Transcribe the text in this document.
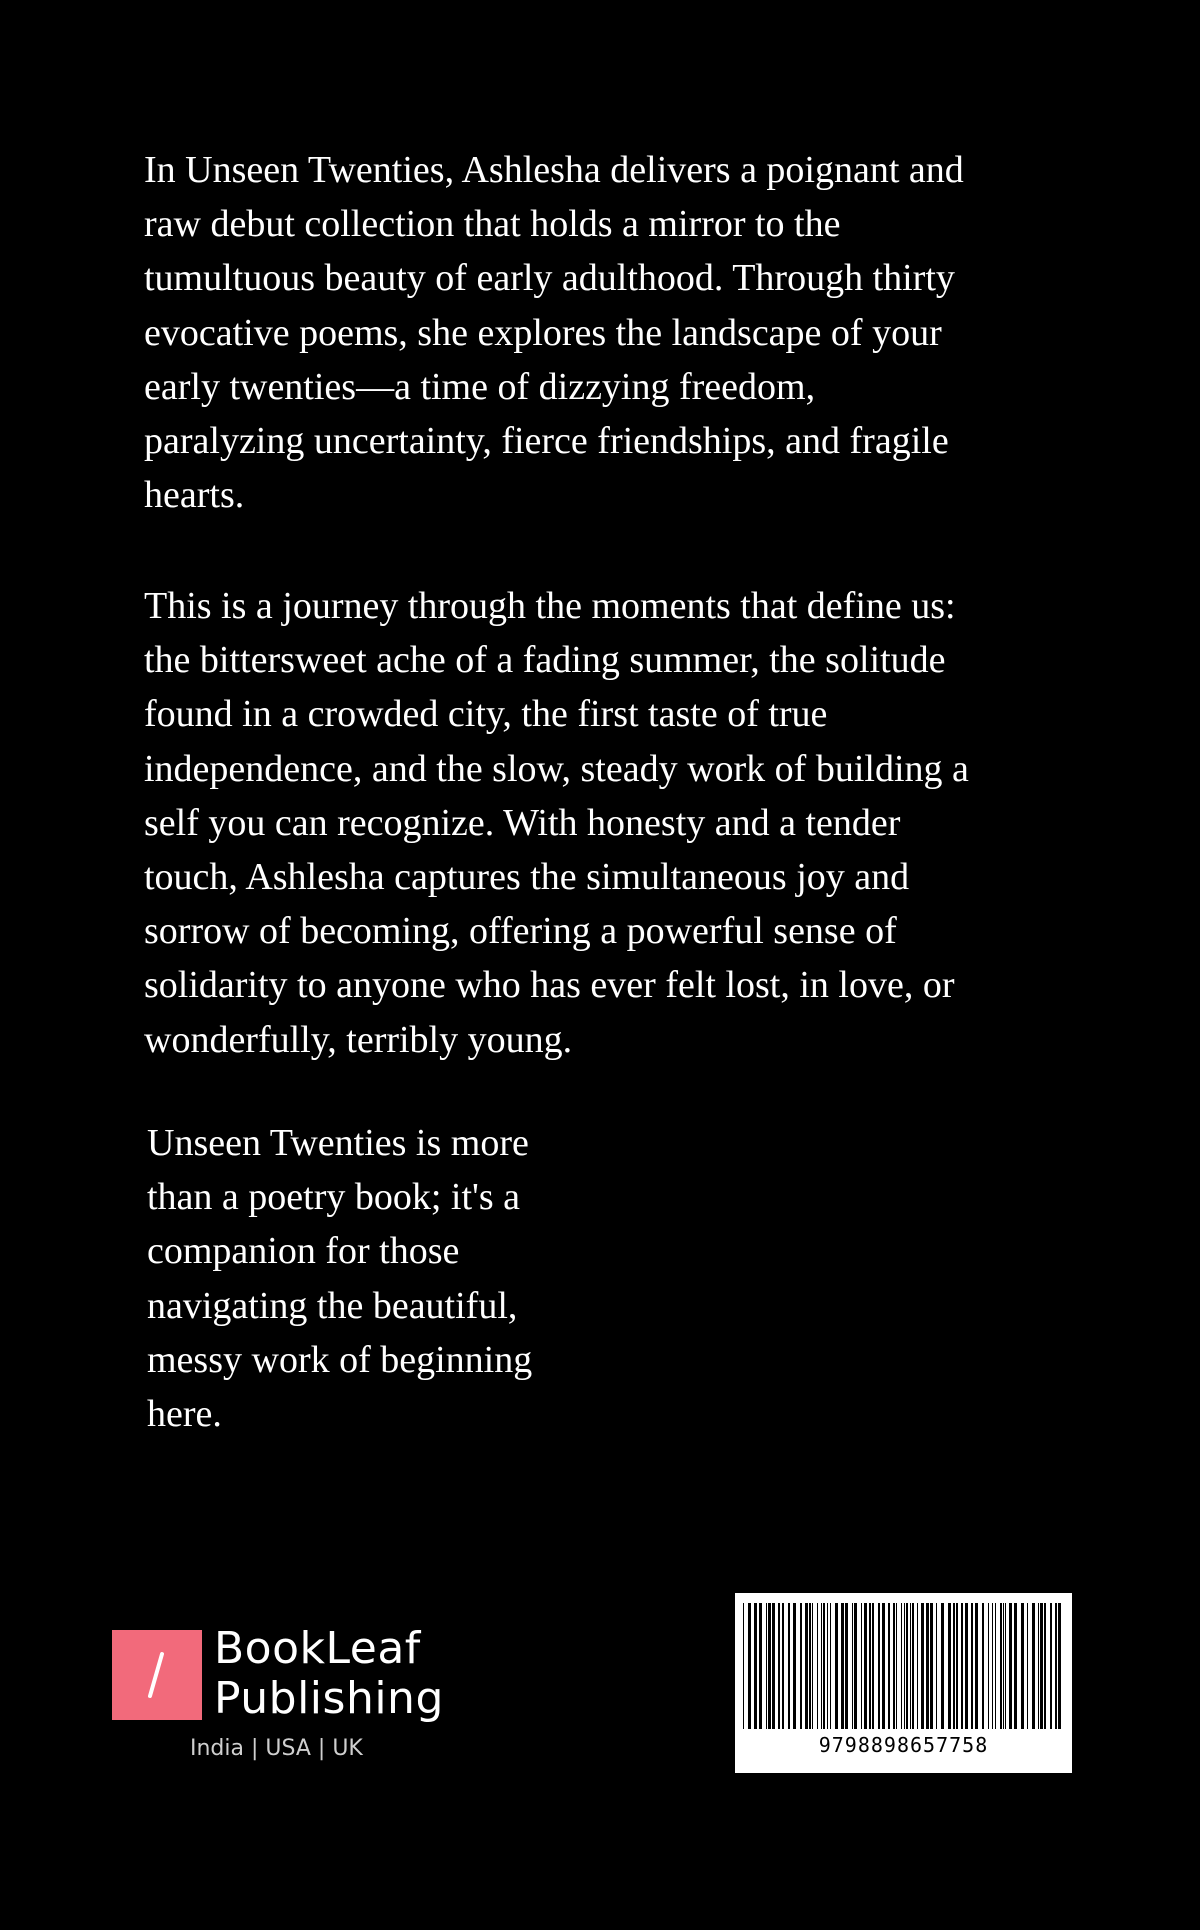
In Unseen Twenties, Ashlesha delivers a poignant and
raw debut collection that holds a mirror to the
tumultuous beauty of early adulthood. Through thirty
evocative poems, she explores the landscape of your
early twenties—a time of dizzying freedom,
paralyzing uncertainty, fierce friendships, and fragile
hearts.

This is a journey through the moments that define us:
the bittersweet ache of a fading summer, the solitude
found in a crowded city, the first taste of true
independence, and the slow, steady work of building a
self you can recognize. With honesty and a tender
touch, Ashlesha captures the simultaneous joy and
sorrow of becoming, offering a powerful sense of
solidarity to anyone who has ever felt lost, in love, or
wonderfully, terribly young.

Unseen Twenties is more
than a poetry book; it's a
companion for those
navigating the beautiful,
messy work of beginning
here.

BookLeaf
Publishing
India | USA | UK	9798898657758
